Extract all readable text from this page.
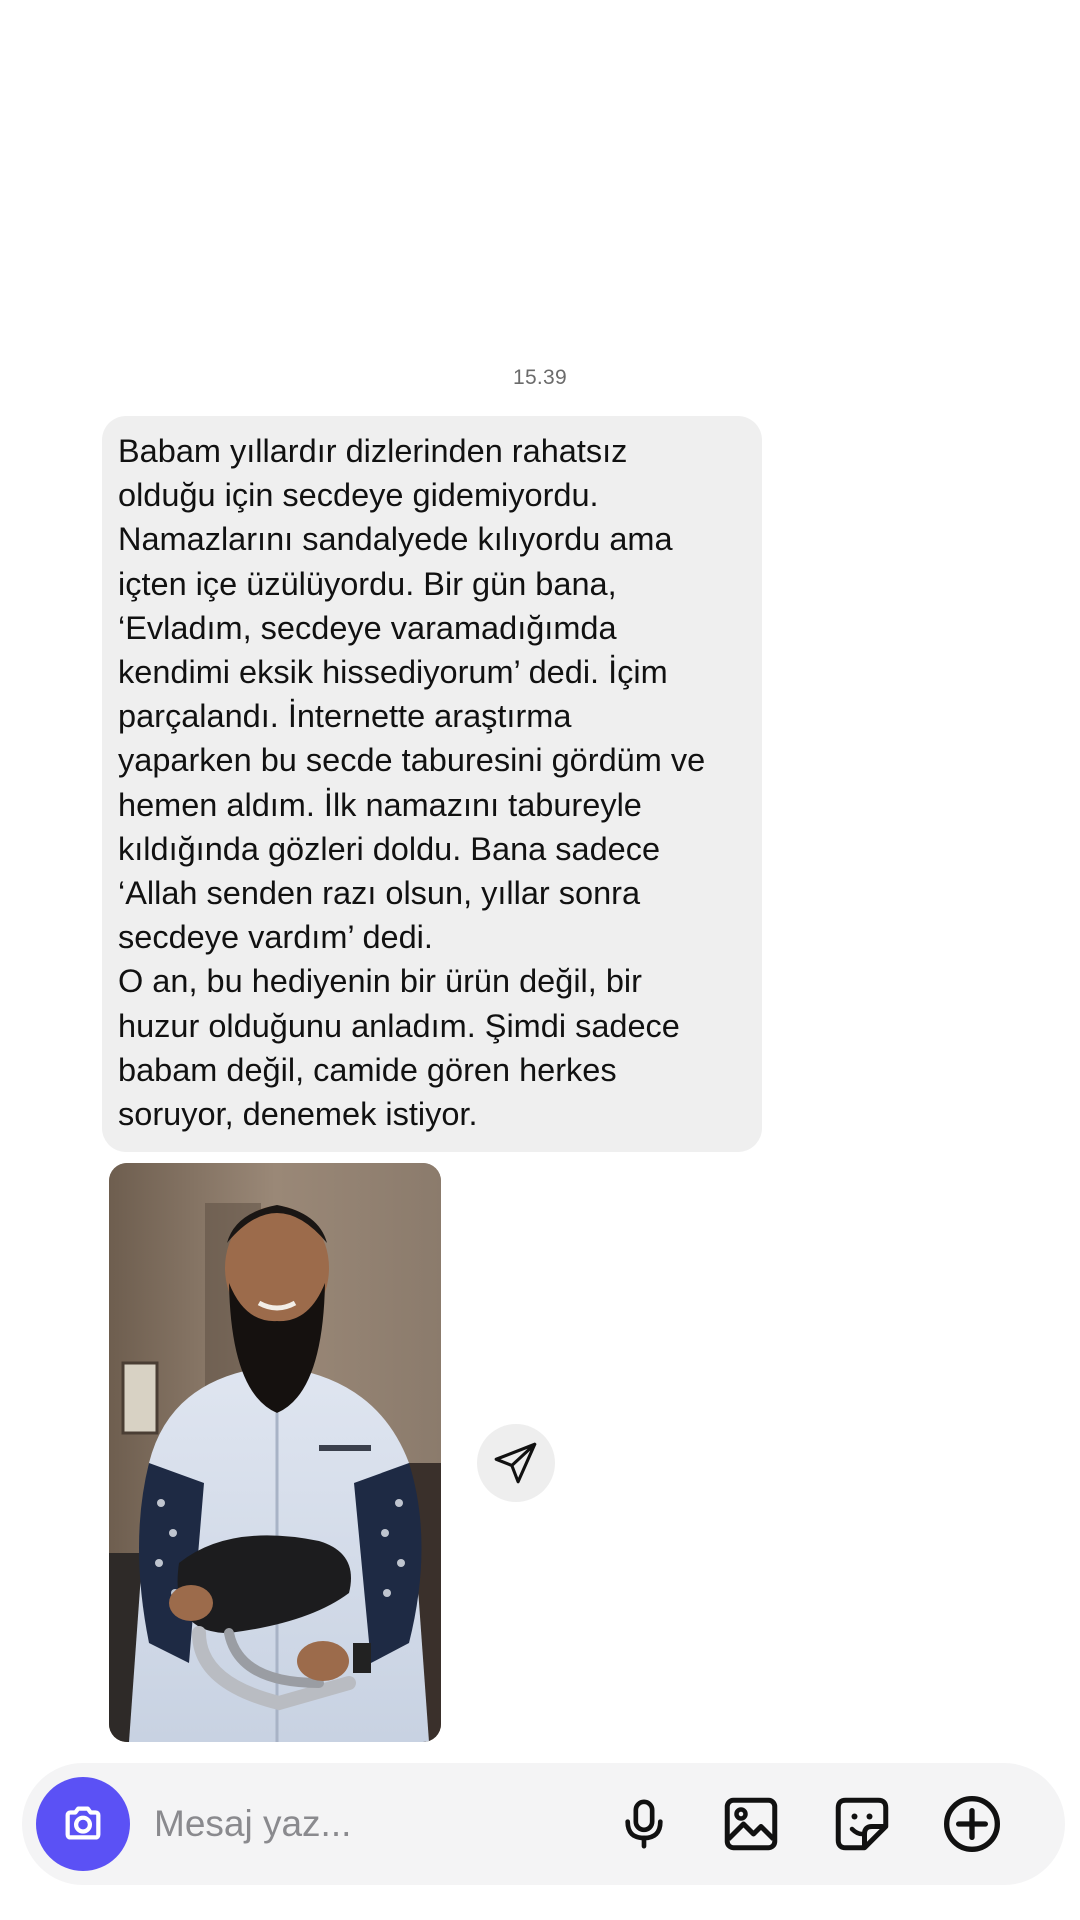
15.39
Babam yıllardır dizlerinden rahatsız
olduğu için secdeye gidemiyordu.
Namazlarını sandalyede kılıyordu ama
içten içe üzülüyordu. Bir gün bana,
‘Evladım, secdeye varamadığımda
kendimi eksik hissediyorum’ dedi. İçim
parçalandı. İnternette araştırma
yaparken bu secde taburesini gördüm ve
hemen aldım. İlk namazını tabureyle
kıldığında gözleri doldu. Bana sadece
‘Allah senden razı olsun, yıllar sonra
secdeye vardım’ dedi.
O an, bu hediyenin bir ürün değil, bir
huzur olduğunu anladım. Şimdi sadece
babam değil, camide gören herkes
soruyor, denemek istiyor.
Mesaj yaz...
